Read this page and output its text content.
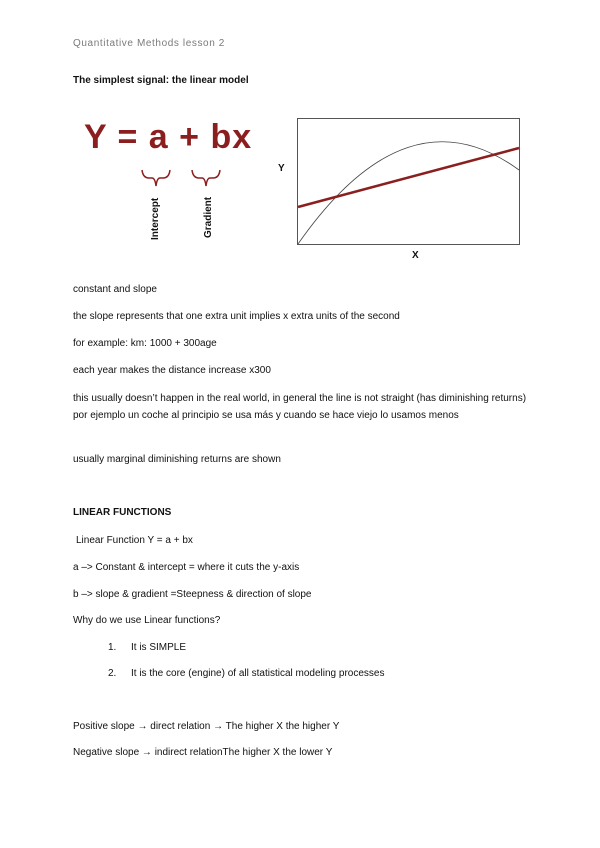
Quantitative Methods lesson 2
The simplest signal: the linear model
Y = a + bx
Intercept	Gradient
Y
X
constant and slope
the slope represents that one extra unit implies x extra units of the second
for example: km: 1000 + 300age
each year makes the distance increase x300
this usually doesn’t happen in the real world, in general the line is not straight (has diminishing returns) por ejemplo un coche al principio se usa más y cuando se hace viejo lo usamos menos
usually marginal diminishing returns are shown
LINEAR FUNCTIONS
Linear Function Y = a + bx
a –> Constant & intercept = where it cuts the y-axis
b –> slope & gradient =Steepness & direction of slope
Why do we use Linear functions?
1. It is SIMPLE
2. It is the core (engine) of all statistical modeling processes
Positive slope → direct relation → The higher X the higher Y
Negative slope → indirect relationThe higher X the lower Y
